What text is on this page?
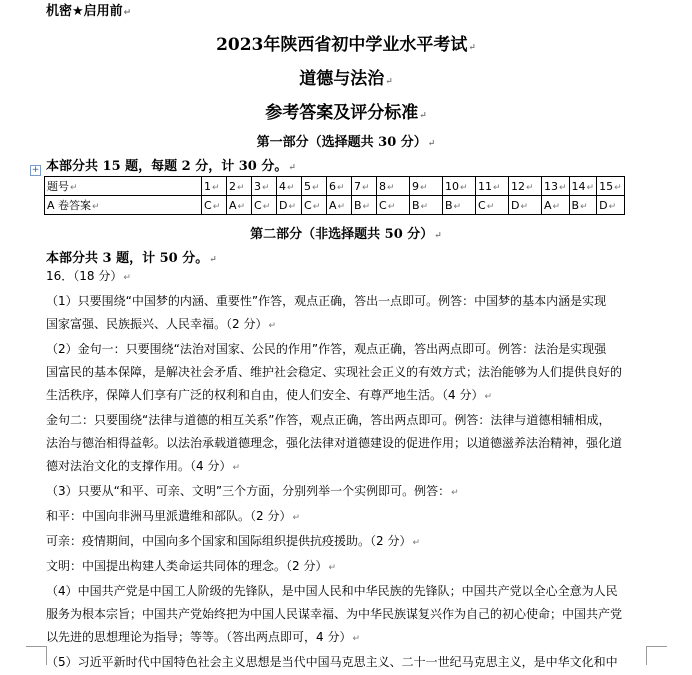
机密★启用前↵
2023年陕西省初中学业水平考试↵
道德与法治↵
参考答案及评分标准↵
第一部分（选择题共 30 分）↵
+ 本部分共 15 题，每题 2 分，计 30 分。↵
题号↵	1↵	2↵	3↵	4↵	5↵	6↵	7↵	8↵	9↵	10↵	11↵	12↵	13↵	14↵	15↵
A 卷答案↵	C↵	A↵	C↵	D↵	C↵	A↵	B↵	C↵	B↵	B↵	C↵	D↵	A↵	B↵	D↵
第二部分（非选择题共 50 分）↵
本部分共 3 题，计 50 分。↵
16．（18 分）↵
（1）只要围绕“中国梦的内涵、重要性”作答，观点正确，答出一点即可。例答：中国梦的基本内涵是实现
国家富强、民族振兴、人民幸福。（2 分）↵
（2）金句一：只要围绕“法治对国家、公民的作用”作答，观点正确，答出两点即可。例答：法治是实现强
国富民的基本保障，是解决社会矛盾、维护社会稳定、实现社会正义的有效方式；法治能够为人们提供良好的
生活秩序，保障人们享有广泛的权利和自由，使人们安全、有尊严地生活。（4 分）↵
金句二：只要围绕“法律与道德的相互关系”作答，观点正确，答出两点即可。例答：法律与道德相辅相成，
法治与德治相得益彰。以法治承载道德理念，强化法律对道德建设的促进作用；以道德滋养法治精神，强化道
德对法治文化的支撑作用。（4 分）↵
（3）只要从“和平、可亲、文明”三个方面，分别列举一个实例即可。例答：↵
和平：中国向非洲马里派遣维和部队。（2 分）↵
可亲：疫情期间，中国向多个国家和国际组织提供抗疫援助。（2 分）↵
文明：中国提出构建人类命运共同体的理念。（2 分）↵
（4）中国共产党是中国工人阶级的先锋队，是中国人民和中华民族的先锋队；中国共产党以全心全意为人民
服务为根本宗旨；中国共产党始终把为中国人民谋幸福、为中华民族谋复兴作为自己的初心使命；中国共产党
以先进的思想理论为指导；等等。（答出两点即可，4 分）↵
（5）习近平新时代中国特色社会主义思想是当代中国马克思主义、二十一世纪马克思主义，是中华文化和中
